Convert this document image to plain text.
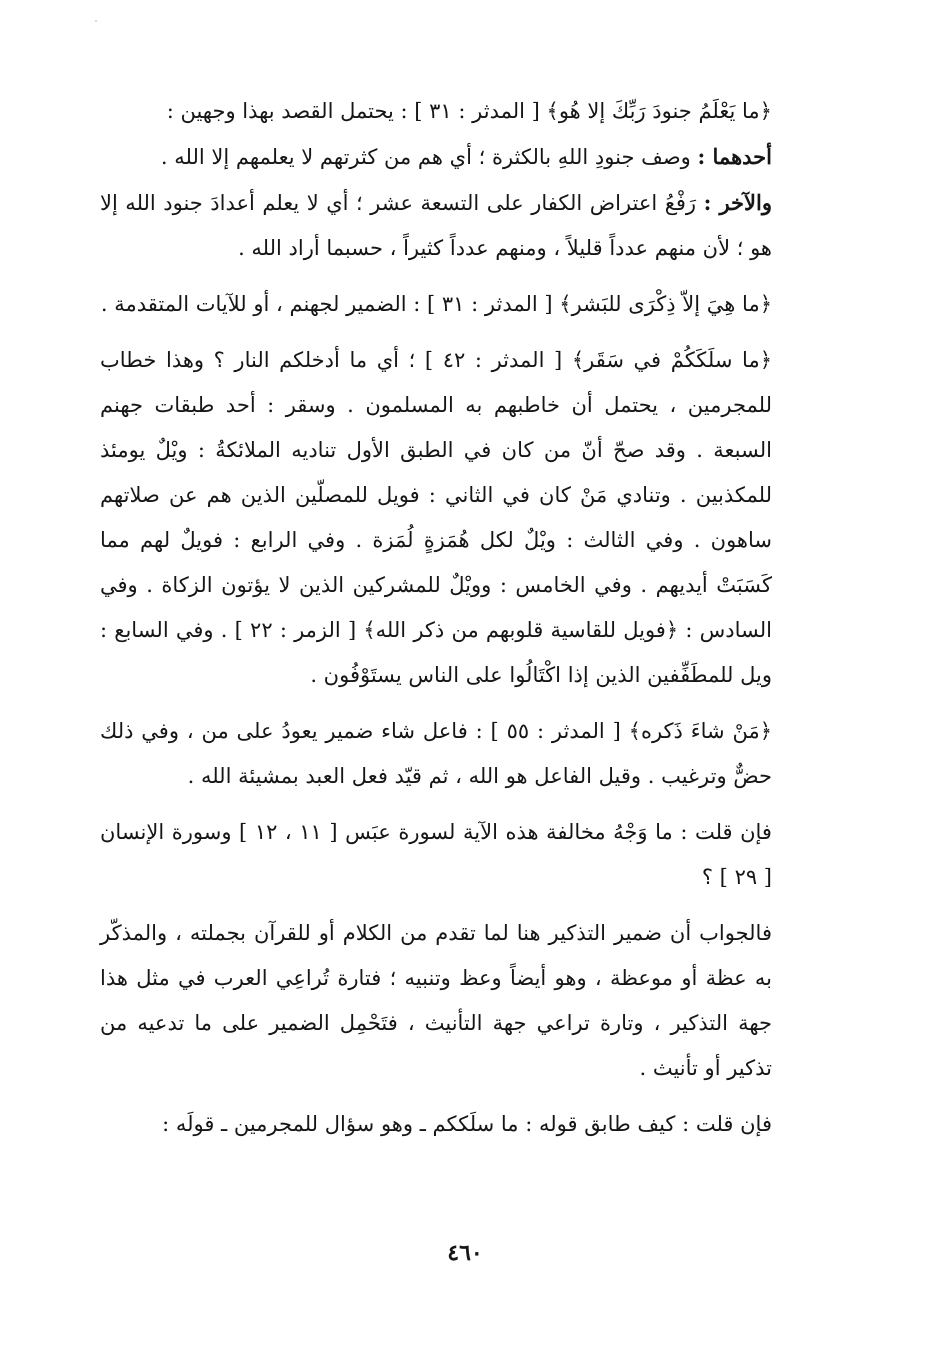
﴿ما يَعْلَمُ جنودَ رَبِّكَ إلا هُو﴾ [ المدثر : ٣١ ] : يحتمل القصد بهذا وجهين :

أحدهما : وصف جنودِ اللهِ بالكثرة ؛ أي هم من كثرتهم لا يعلمهم إلا الله .

والآخر : رَفْعُ اعتراض الكفار على التسعة عشر ؛ أي لا يعلم أعدادَ جنود الله إلا هو ؛ لأن منهم عدداً قليلاً ، ومنهم عدداً كثيراً ، حسبما أراد الله .

﴿ما هِيَ إلاّ ذِكْرَى للبَشر﴾ [ المدثر : ٣١ ] : الضمير لجهنم ، أو للآيات المتقدمة .

﴿ما سلَكَكُمْ في سَقَر﴾ [ المدثر : ٤٢ ] ؛ أي ما أدخلكم النار ؟ وهذا خطاب للمجرمين ، يحتمل أن خاطبهم به المسلمون . وسقر : أحد طبقات جهنم السبعة . وقد صحّ أنّ من كان في الطبق الأول تناديه الملائكةُ : ويْلٌ يومئذ للمكذبين . وتنادي مَنْ كان في الثاني : فويل للمصلّين الذين هم عن صلاتهم ساهون . وفي الثالث : ويْلٌ لكل هُمَزةٍ لُمَزة . وفي الرابع : فويلٌ لهم مما كَسَبَتْ أيديهم . وفي الخامس : وويْلٌ للمشركين الذين لا يؤتون الزكاة . وفي السادس : ﴿فويل للقاسية قلوبهم من ذكر الله﴾ [ الزمر : ٢٢ ] . وفي السابع : ويل للمطَفِّفين الذين إذا اكْتَالُوا على الناس يستَوْفُون .

﴿مَنْ شاءَ ذَكره﴾ [ المدثر : ٥٥ ] : فاعل شاء ضمير يعودُ على من ، وفي ذلك حضٌّ وترغيب . وقيل الفاعل هو الله ، ثم قيّد فعل العبد بمشيئة الله .

فإن قلت : ما وَجْهُ مخالفة هذه الآية لسورة عبَس [ ١١ ، ١٢ ] وسورة الإنسان [ ٢٩ ] ؟

فالجواب أن ضمير التذكير هنا لما تقدم من الكلام أو للقرآن بجملته ، والمذكّر به عظة أو موعظة ، وهو أيضاً وعظ وتنبيه ؛ فتارة تُراعِي العرب في مثل هذا جهة التذكير ، وتارة تراعي جهة التأنيث ، فتَحْمِل الضمير على ما تدعيه من تذكير أو تأنيث .

فإن قلت : كيف طابق قوله : ما سلَككم ـ وهو سؤال للمجرمين ـ قولَه :

٤٦٠
